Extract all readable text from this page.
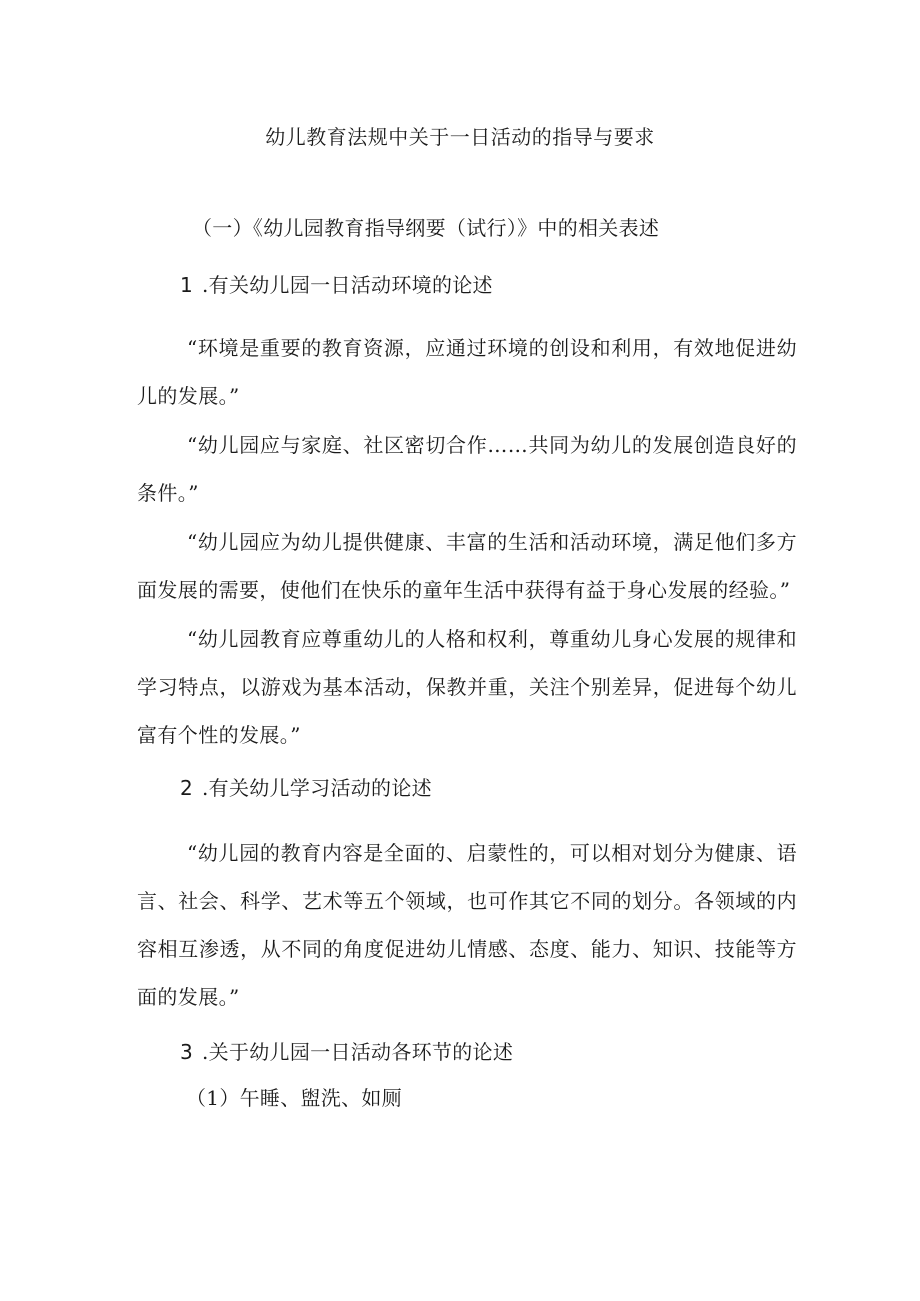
幼儿教育法规中关于一日活动的指导与要求
（一）《幼儿园教育指导纲要（试行）》中的相关表述
1 .有关幼儿园一日活动环境的论述
“环境是重要的教育资源，应通过环境的创设和利用，有效地促进幼儿的发展。”
“幼儿园应与家庭、社区密切合作……共同为幼儿的发展创造良好的条件。”
“幼儿园应为幼儿提供健康、丰富的生活和活动环境，满足他们多方面发展的需要，使他们在快乐的童年生活中获得有益于身心发展的经验。”
“幼儿园教育应尊重幼儿的人格和权利，尊重幼儿身心发展的规律和学习特点，以游戏为基本活动，保教并重，关注个别差异，促进每个幼儿富有个性的发展。”
2 .有关幼儿学习活动的论述
“幼儿园的教育内容是全面的、启蒙性的，可以相对划分为健康、语言、社会、科学、艺术等五个领域，也可作其它不同的划分。各领域的内容相互渗透，从不同的角度促进幼儿情感、态度、能力、知识、技能等方面的发展。”
3 .关于幼儿园一日活动各环节的论述
（1）午睡、盥洗、如厕
